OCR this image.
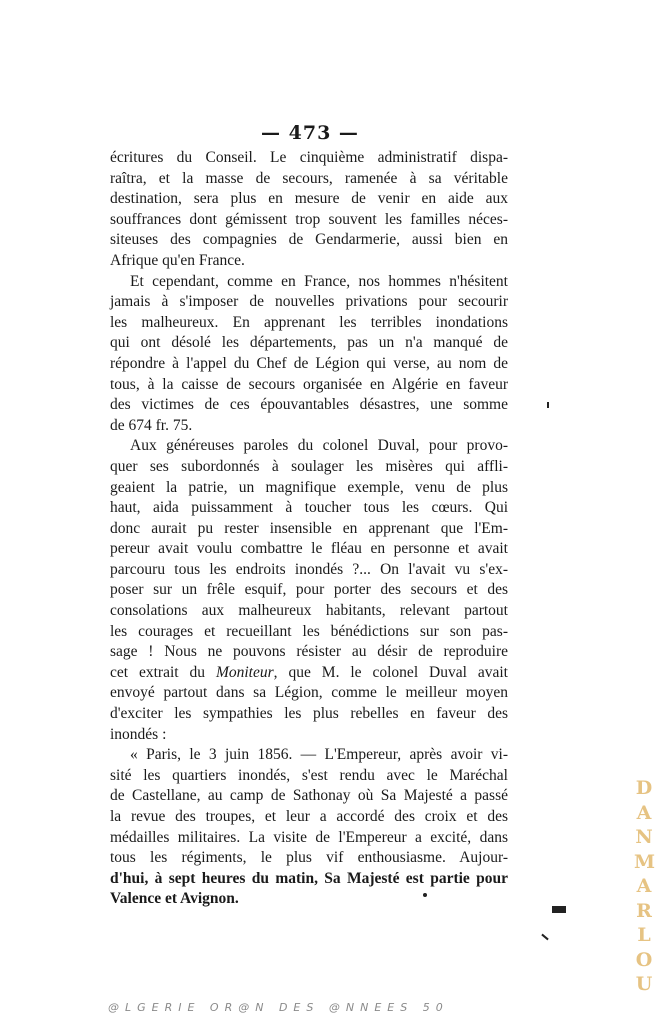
— 473 —
écritures du Conseil. Le cinquième administratif dispa-
raîtra, et la masse de secours, ramenée à sa véritable
destination, sera plus en mesure de venir en aide aux
souffrances dont gémissent trop souvent les familles néces-
siteuses des compagnies de Gendarmerie, aussi bien en
Afrique qu'en France.
Et cependant, comme en France, nos hommes n'hésitent
jamais à s'imposer de nouvelles privations pour secourir
les malheureux. En apprenant les terribles inondations
qui ont désolé les départements, pas un n'a manqué de
répondre à l'appel du Chef de Légion qui verse, au nom de
tous, à la caisse de secours organisée en Algérie en faveur
des victimes de ces épouvantables désastres, une somme
de 674 fr. 75.
Aux généreuses paroles du colonel Duval, pour provo-
quer ses subordonnés à soulager les misères qui affli-
geaient la patrie, un magnifique exemple, venu de plus
haut, aida puissamment à toucher tous les cœurs. Qui
donc aurait pu rester insensible en apprenant que l'Em-
pereur avait voulu combattre le fléau en personne et avait
parcouru tous les endroits inondés ?... On l'avait vu s'ex-
poser sur un frêle esquif, pour porter des secours et des
consolations aux malheureux habitants, relevant partout
les courages et recueillant les bénédictions sur son pas-
sage ! Nous ne pouvons résister au désir de reproduire
cet extrait du Moniteur, que M. le colonel Duval avait
envoyé partout dans sa Légion, comme le meilleur moyen
d'exciter les sympathies les plus rebelles en faveur des
inondés :
« Paris, le 3 juin 1856. — L'Empereur, après avoir vi-
sité les quartiers inondés, s'est rendu avec le Maréchal
de Castellane, au camp de Sathonay où Sa Majesté a passé
la revue des troupes, et leur a accordé des croix et des
médailles militaires. La visite de l'Empereur a excité, dans
tous les régiments, le plus vif enthousiasme. Aujour-
d'hui, à sept heures du matin, Sa Majesté est partie pour
Valence et Avignon.
D
A
N
M
A
R
L
O
U
@LGERIE OR@N DES @NNEES 50
